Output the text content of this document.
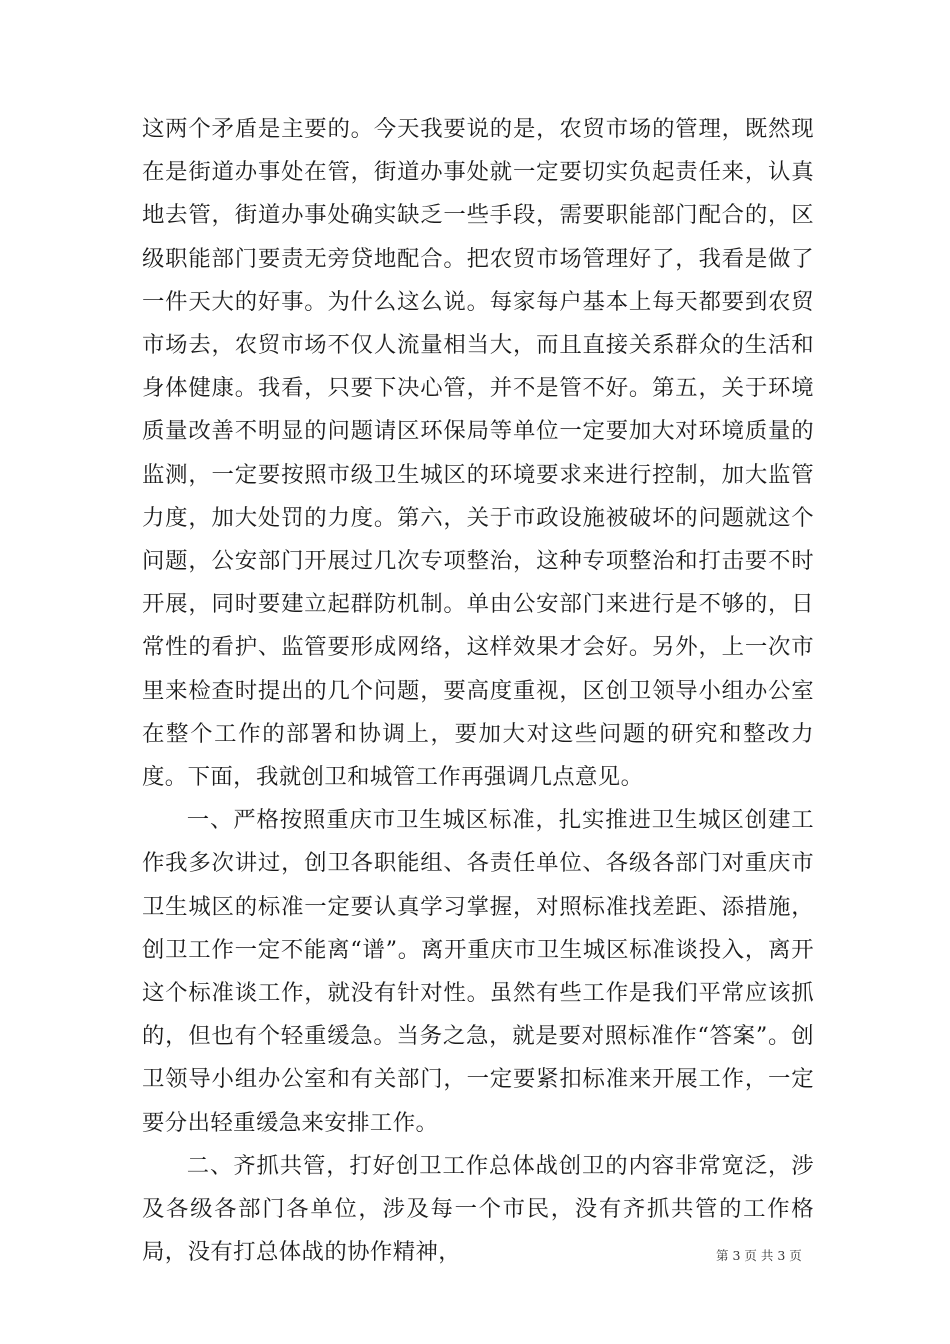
这两个矛盾是主要的。今天我要说的是，农贸市场的管理，既然现在是街道办事处在管，街道办事处就一定要切实负起责任来，认真地去管，街道办事处确实缺乏一些手段，需要职能部门配合的，区级职能部门要责无旁贷地配合。把农贸市场管理好了，我看是做了一件天大的好事。为什么这么说。每家每户基本上每天都要到农贸市场去，农贸市场不仅人流量相当大，而且直接关系群众的生活和身体健康。我看，只要下决心管，并不是管不好。第五，关于环境质量改善不明显的问题请区环保局等单位一定要加大对环境质量的监测，一定要按照市级卫生城区的环境要求来进行控制，加大监管力度，加大处罚的力度。第六，关于市政设施被破坏的问题就这个问题，公安部门开展过几次专项整治，这种专项整治和打击要不时开展，同时要建立起群防机制。单由公安部门来进行是不够的，日常性的看护、监管要形成网络，这样效果才会好。另外，上一次市里来检查时提出的几个问题，要高度重视，区创卫领导小组办公室在整个工作的部署和协调上，要加大对这些问题的研究和整改力度。下面，我就创卫和城管工作再强调几点意见。

一、严格按照重庆市卫生城区标准，扎实推进卫生城区创建工作我多次讲过，创卫各职能组、各责任单位、各级各部门对重庆市卫生城区的标准一定要认真学习掌握，对照标准找差距、添措施，创卫工作一定不能离“谱”。离开重庆市卫生城区标准谈投入，离开这个标准谈工作，就没有针对性。虽然有些工作是我们平常应该抓的，但也有个轻重缓急。当务之急，就是要对照标准作“答案”。创卫领导小组办公室和有关部门，一定要紧扣标准来开展工作，一定要分出轻重缓急来安排工作。

二、齐抓共管，打好创卫工作总体战创卫的内容非常宽泛，涉及各级各部门各单位，涉及每一个市民，没有齐抓共管的工作格局，没有打总体战的协作精神，	第 3 页 共 3 页
